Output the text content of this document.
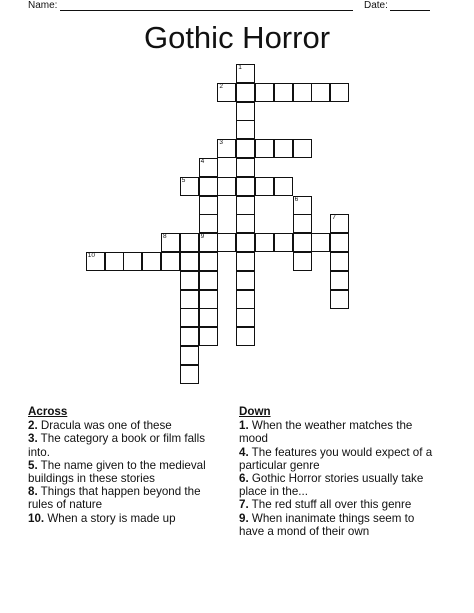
Name:	Date:
Gothic Horror
1
2
3
4
5
6
7
8	9
10
Across
2. Dracula was one of these
3. The category a book or film falls into.
5. The name given to the medieval buildings in these stories
8. Things that happen beyond the rules of nature
10. When a story is made up
Down
1. When the weather matches the mood
4. The features you would expect of a particular genre
6. Gothic Horror stories usually take place in the...
7. The red stuff all over this genre
9. When inanimate things seem to have a mond of their own
